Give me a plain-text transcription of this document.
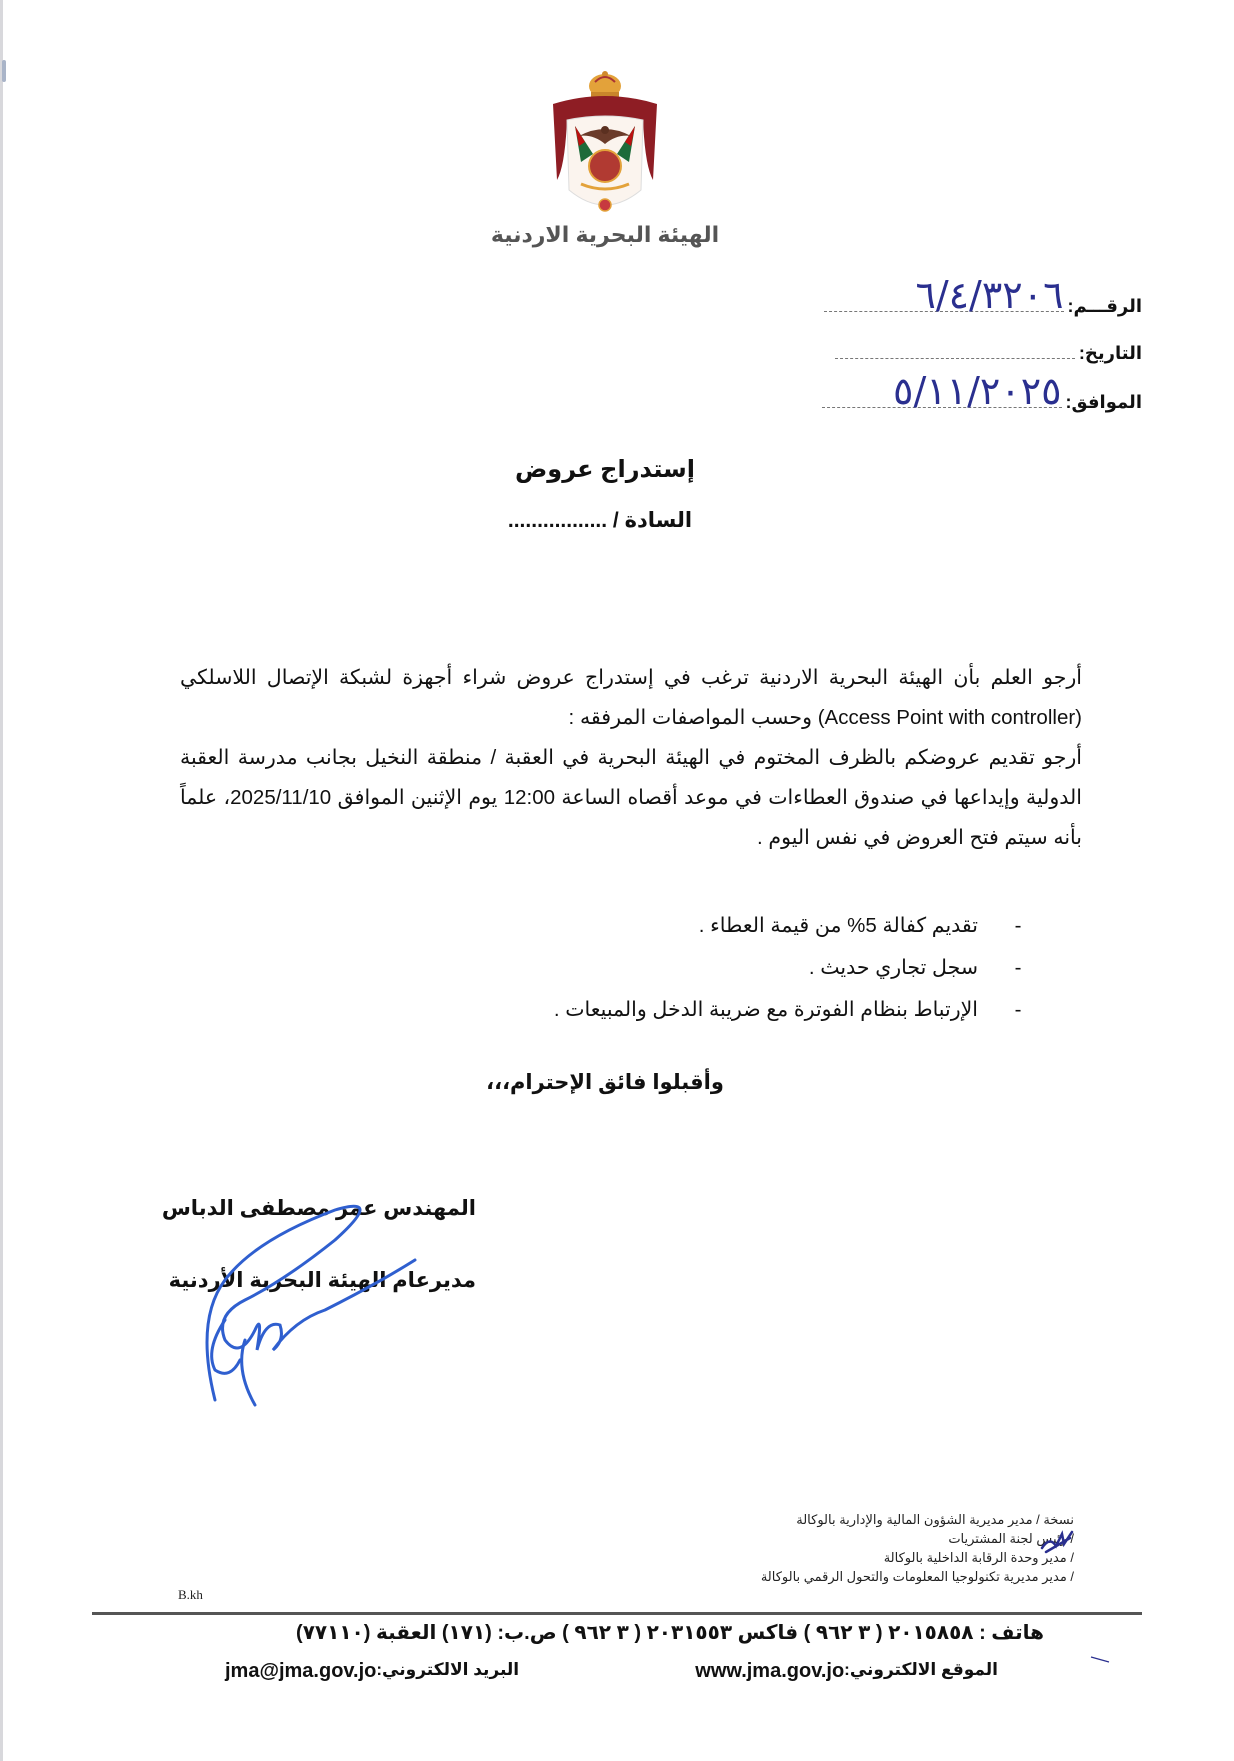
الهيئة البحرية الاردنية
الرقـــم:
٦/٤/٣٢٠٦
التاريخ:
الموافق:
٥/١١/٢٠٢٥
إستدراج عروض
السادة / .................

أرجو العلم بأن الهيئة البحرية الاردنية ترغب في إستدراج عروض شراء أجهزة لشبكة الإتصال اللاسلكي (Access Point with controller) وحسب المواصفات المرفقه :

أرجو تقديم عروضكم بالظرف المختوم في الهيئة البحرية في العقبة / منطقة النخيل بجانب مدرسة العقبة الدولية وإيداعها في صندوق العطاءات في موعد أقصاه الساعة 12:00 يوم الإثنين الموافق 2025/11/10، علماً بأنه سيتم فتح العروض في نفس اليوم .

-
تقديم كفالة 5% من قيمة العطاء .
-
سجل تجاري حديث .
-
الإرتباط بنظام الفوترة مع ضريبة الدخل والمبيعات .
وأقبلوا فائق الإحترام،،،
المهندس عمر مصطفى الدباس
مديرعام الهيئة البحرية الأردنية
نسخة / مدير مديرية الشؤون المالية والإدارية بالوكالة
/ رئيس لجنة المشتريات
/ مدير وحدة الرقابة الداخلية بالوكالة
/ مدير مديرية تكنولوجيا المعلومات والتحول الرقمي بالوكالة
B.kh
هاتف : ٢٠١٥٨٥٨ ( ٣ ٩٦٢ ) فاكس ٢٠٣١٥٥٣ ( ٣ ٩٦٢ ) ص.ب: (١٧١) العقبة (٧٧١١٠)
الموقع الالكتروني:
www.jma.gov.jo
البريد الالكتروني:
jma@jma.gov.jo
